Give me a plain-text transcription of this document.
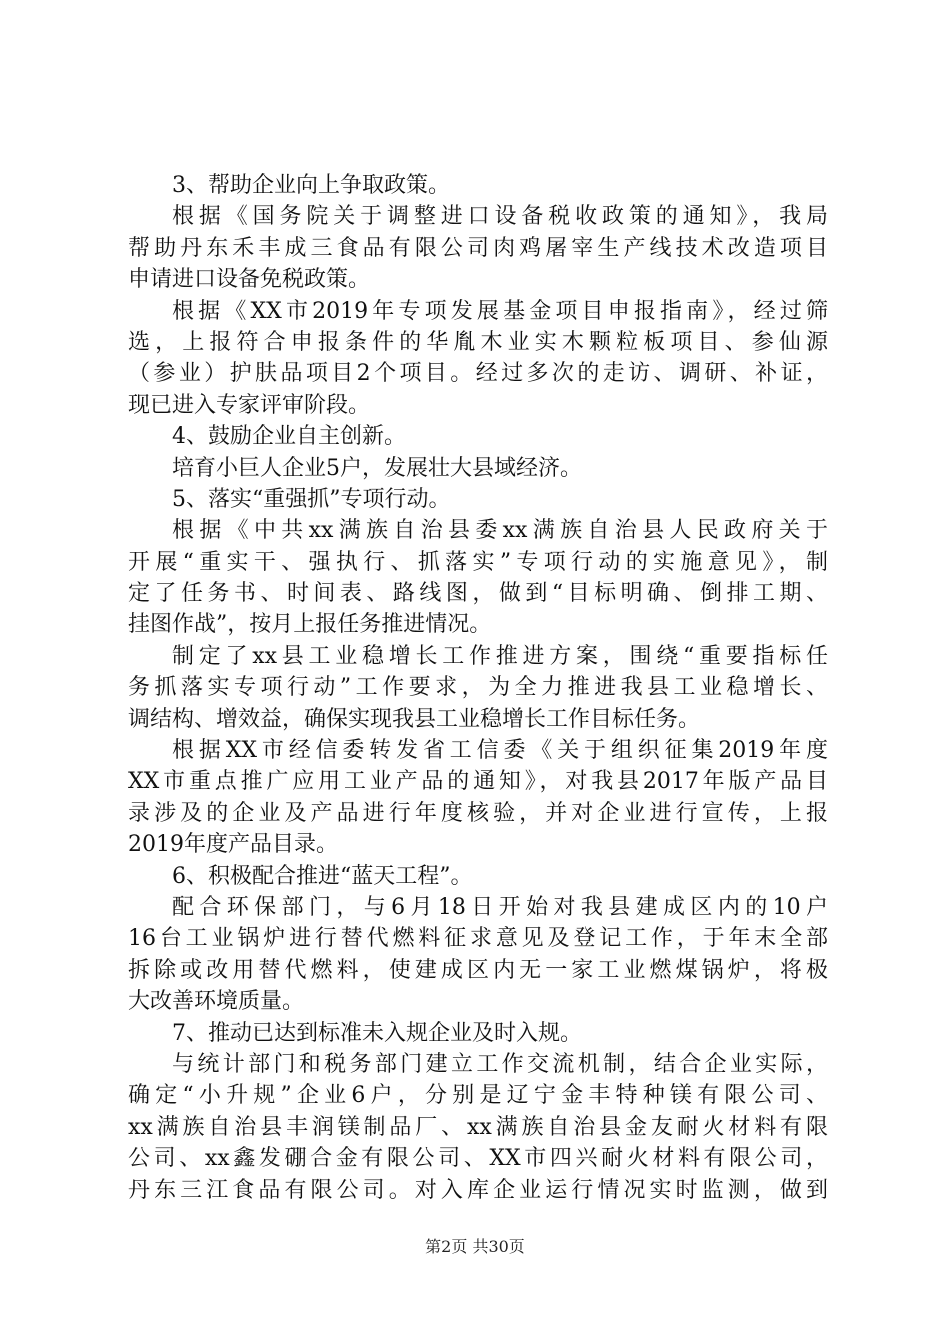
3、帮助企业向上争取政策。
根据《国务院关于调整进口设备税收政策的通知》，我局
帮助丹东禾丰成三食品有限公司肉鸡屠宰生产线技术改造项目
申请进口设备免税政策。
根据《XX市2019年专项发展基金项目申报指南》，经过筛
选，上报符合申报条件的华胤木业实木颗粒板项目、参仙源
（参业）护肤品项目2个项目。经过多次的走访、调研、补证，
现已进入专家评审阶段。
4、鼓励企业自主创新。
培育小巨人企业5户，发展壮大县域经济。
5、落实“重强抓”专项行动。
根据《中共xx满族自治县委xx满族自治县人民政府关于
开展“重实干、强执行、抓落实”专项行动的实施意见》，制
定了任务书、时间表、路线图，做到“目标明确、倒排工期、
挂图作战”，按月上报任务推进情况。
制定了xx县工业稳增长工作推进方案，围绕“重要指标任
务抓落实专项行动”工作要求，为全力推进我县工业稳增长、
调结构、增效益，确保实现我县工业稳增长工作目标任务。
根据XX市经信委转发省工信委《关于组织征集2019年度
XX市重点推广应用工业产品的通知》，对我县2017年版产品目
录涉及的企业及产品进行年度核验，并对企业进行宣传，上报
2019年度产品目录。
6、积极配合推进“蓝天工程”。
配合环保部门，与6月18日开始对我县建成区内的10户
16台工业锅炉进行替代燃料征求意见及登记工作，于年末全部
拆除或改用替代燃料，使建成区内无一家工业燃煤锅炉，将极
大改善环境质量。
7、推动已达到标准未入规企业及时入规。
与统计部门和税务部门建立工作交流机制，结合企业实际，
确定“小升规”企业6户，分别是辽宁金丰特种镁有限公司、
xx满族自治县丰润镁制品厂、xx满族自治县金友耐火材料有限
公司、xx鑫发硼合金有限公司、XX市四兴耐火材料有限公司，
丹东三江食品有限公司。对入库企业运行情况实时监测，做到
第2页 共30页
